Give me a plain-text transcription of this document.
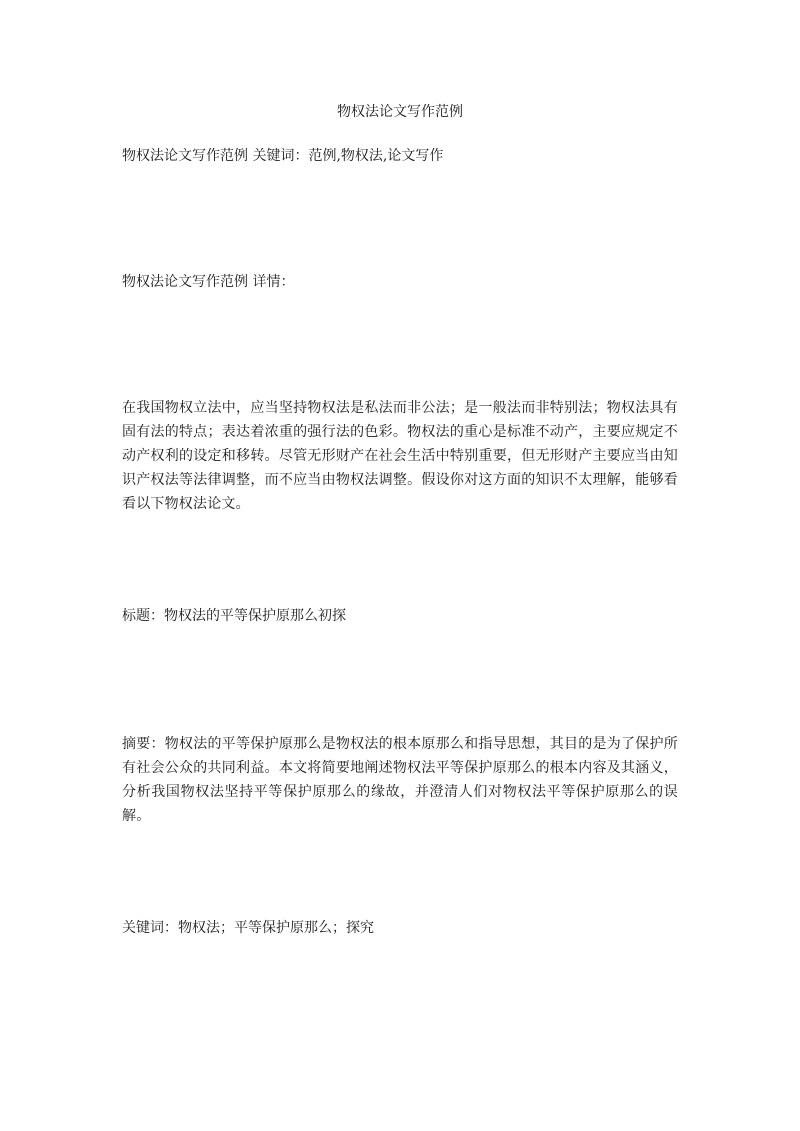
物权法论文写作范例

物权法论文写作范例 关键词：范例,物权法,论文写作

物权法论文写作范例 详情：

在我国物权立法中，应当坚持物权法是私法而非公法；是一般法而非特别法；物权法具有固有法的特点；表达着浓重的强行法的色彩。物权法的重心是标准不动产，主要应规定不动产权利的设定和移转。尽管无形财产在社会生活中特别重要，但无形财产主要应当由知识产权法等法律调整，而不应当由物权法调整。假设你对这方面的知识不太理解，能够看看以下物权法论文。

标题：物权法的平等保护原那么初探

摘要：物权法的平等保护原那么是物权法的根本原那么和指导思想，其目的是为了保护所有社会公众的共同利益。本文将简要地阐述物权法平等保护原那么的根本内容及其涵义，分析我国物权法坚持平等保护原那么的缘故，并澄清人们对物权法平等保护原那么的误解。

关键词：物权法；平等保护原那么；探究
